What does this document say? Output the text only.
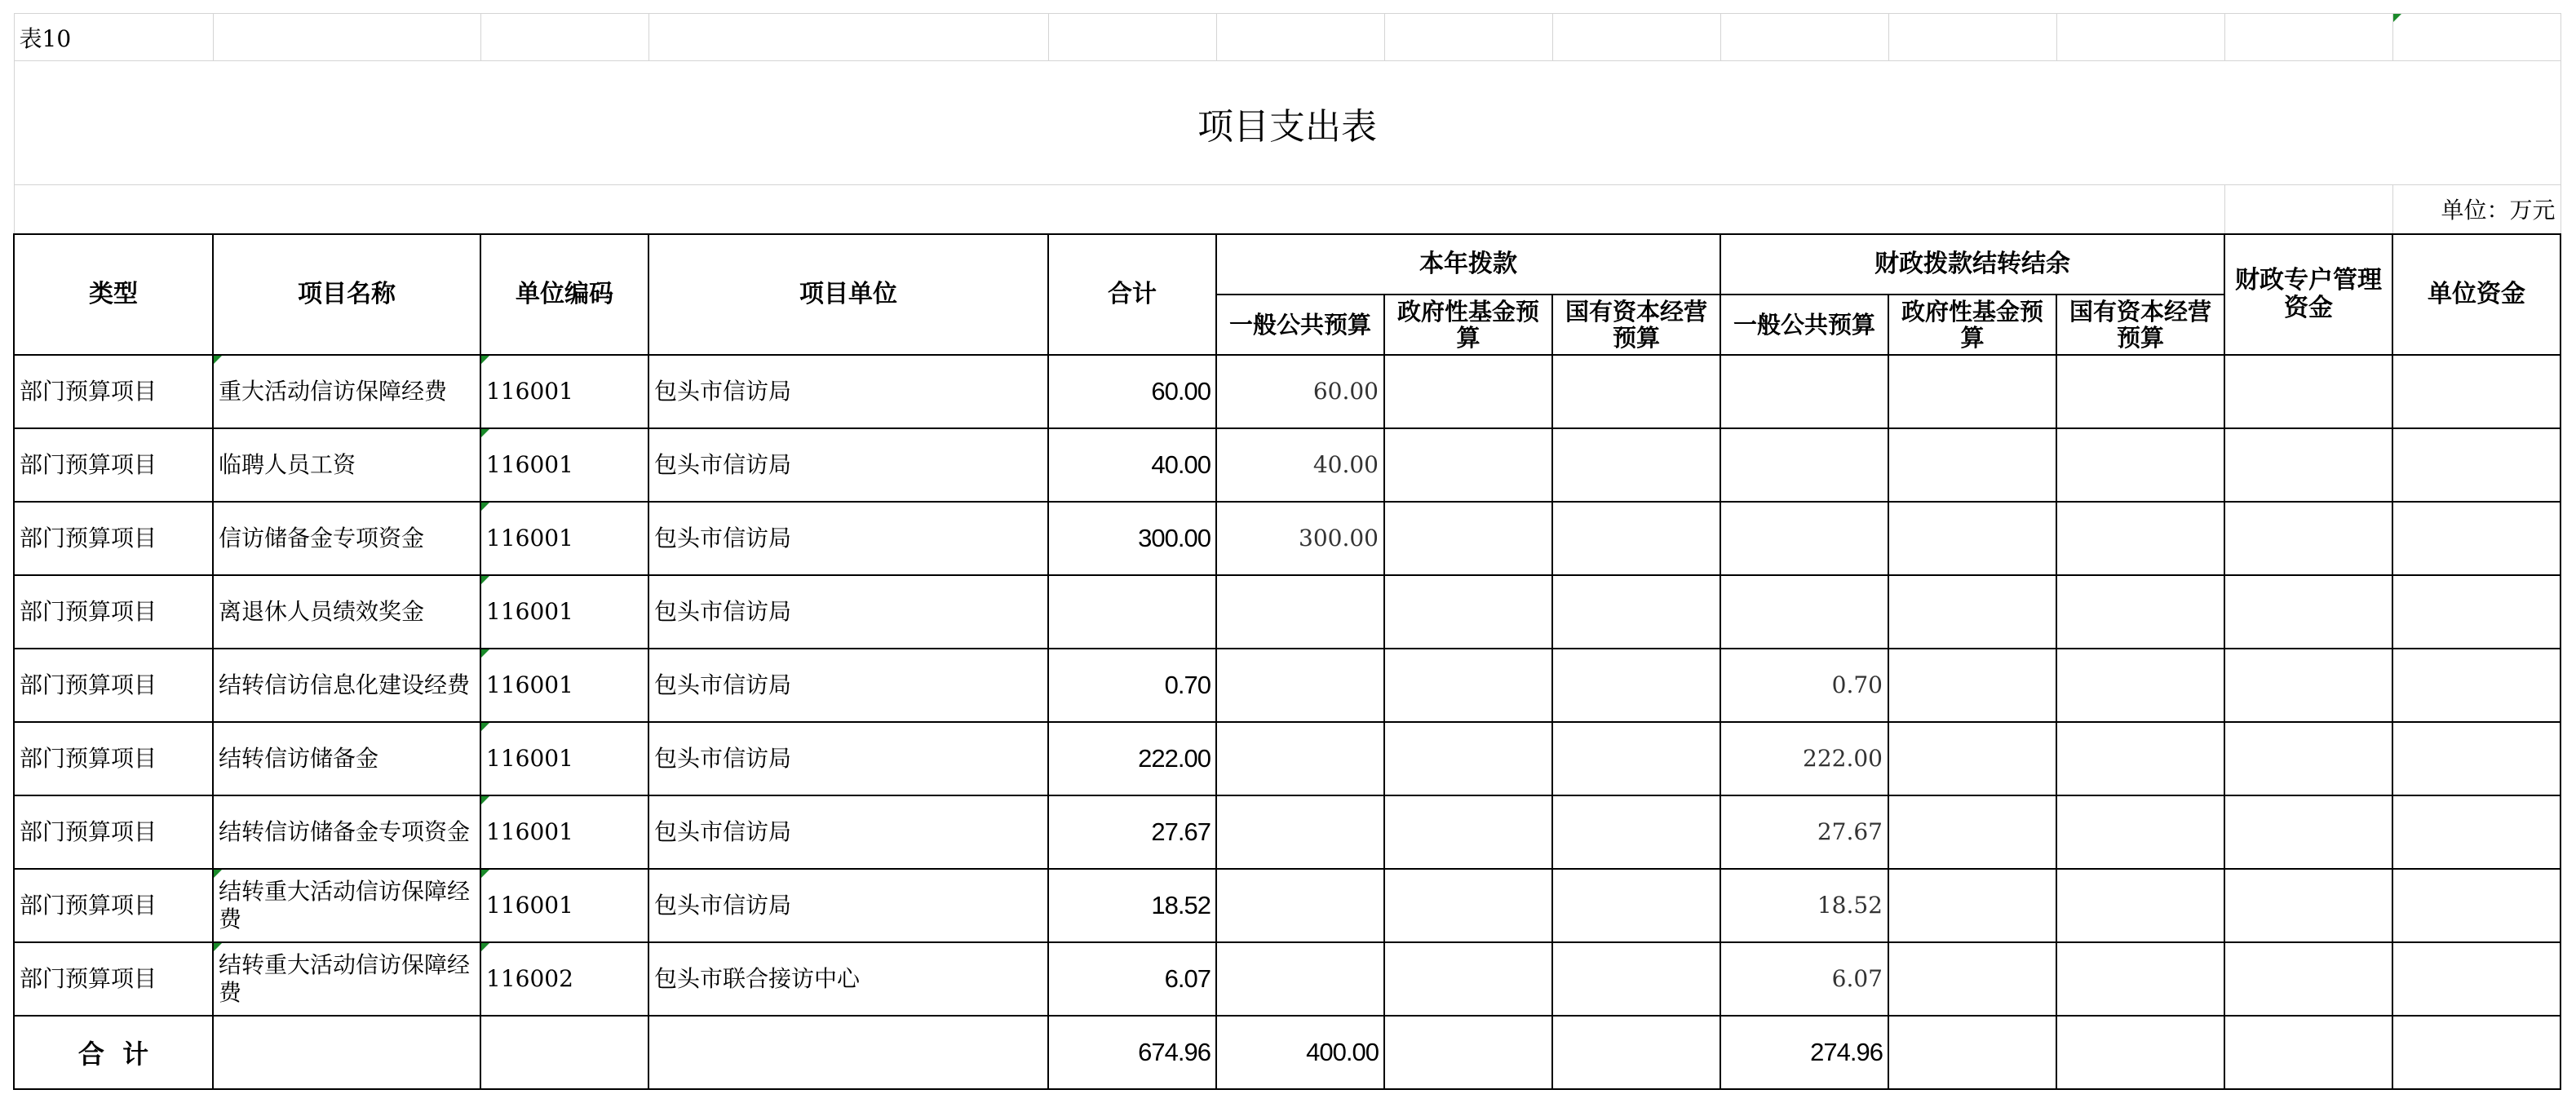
表10												
项目支出表												
												单位：万元
类型	项目名称	单位编码	项目单位	合计	本年拨款			财政拨款结转结余			财政专户管理资金	单位资金
					一般公共预算	政府性基金预算	国有资本经营预算	一般公共预算	政府性基金预算	国有资本经营预算		
部门预算项目	重大活动信访保障经费	116001	包头市信访局	60.00	60.00							
部门预算项目	临聘人员工资	116001	包头市信访局	40.00	40.00							
部门预算项目	信访储备金专项资金	116001	包头市信访局	300.00	300.00							
部门预算项目	离退休人员绩效奖金	116001	包头市信访局									
部门预算项目	结转信访信息化建设经费	116001	包头市信访局	0.70				0.70				
部门预算项目	结转信访储备金	116001	包头市信访局	222.00				222.00				
部门预算项目	结转信访储备金专项资金	116001	包头市信访局	27.67				27.67				
部门预算项目	结转重大活动信访保障经费	116001	包头市信访局	18.52				18.52				
部门预算项目	结转重大活动信访保障经费	116002	包头市联合接访中心	6.07				6.07				
合  计				674.96	400.00			274.96				
